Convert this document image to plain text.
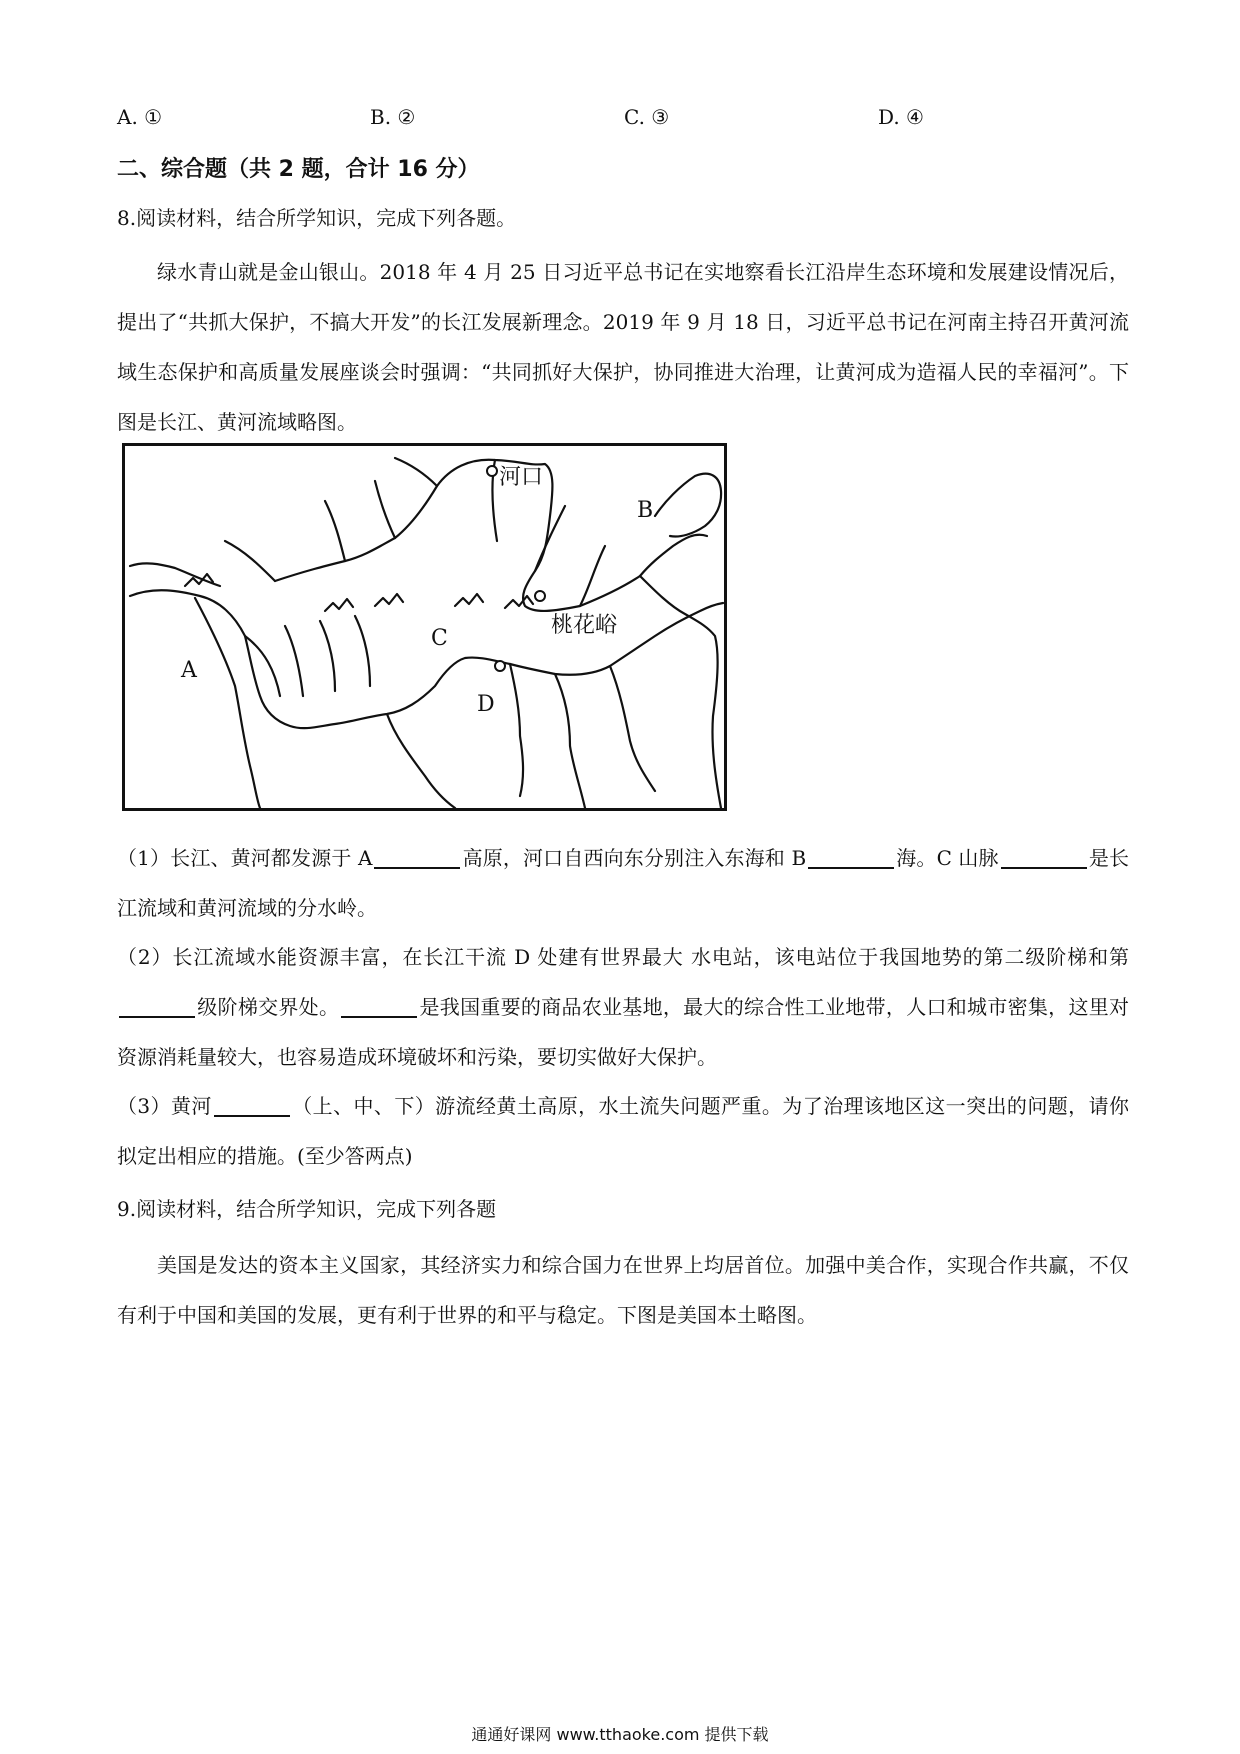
A. ①	B. ②	C. ③	D. ④
二、综合题（共 2 题，合计 16 分）
8.阅读材料，结合所学知识，完成下列各题。
绿水青山就是金山银山。2018 年 4 月 25 日习近平总书记在实地察看长江沿岸生态环境和发展建设情况后，提出了“共抓大保护，不搞大开发”的长江发展新理念。2019 年 9 月 18 日，习近平总书记在河南主持召开黄河流域生态保护和高质量发展座谈会时强调：“共同抓好大保护，协同推进大治理，让黄河成为造福人民的幸福河”。下图是长江、黄河流域略图。
河口
B
桃花峪
C
A
D
（1）长江、黄河都发源于 A	高原，河口自西向东分别注入东海和 B	海。C 山脉	是长江流域和黄河流域的分水岭。
（2）长江流域水能资源丰富，在长江干流 D 处建有世界最大 水电站，该电站位于我国地势的第二级阶梯和第级阶梯交界处。	是我国重要的商品农业基地，最大的综合性工业地带，人口和城市密集，这里对资源消耗量较大，也容易造成环境破坏和污染，要切实做好大保护。
（3）黄河	（上、中、下）游流经黄土高原，水土流失问题严重。为了治理该地区这一突出的问题，请你拟定出相应的措施。(至少答两点)
9.阅读材料，结合所学知识，完成下列各题
美国是发达的资本主义国家，其经济实力和综合国力在世界上均居首位。加强中美合作，实现合作共赢，不仅有利于中国和美国的发展，更有利于世界的和平与稳定。下图是美国本土略图。
通通好课网 www.tthaoke.com 提供下载
